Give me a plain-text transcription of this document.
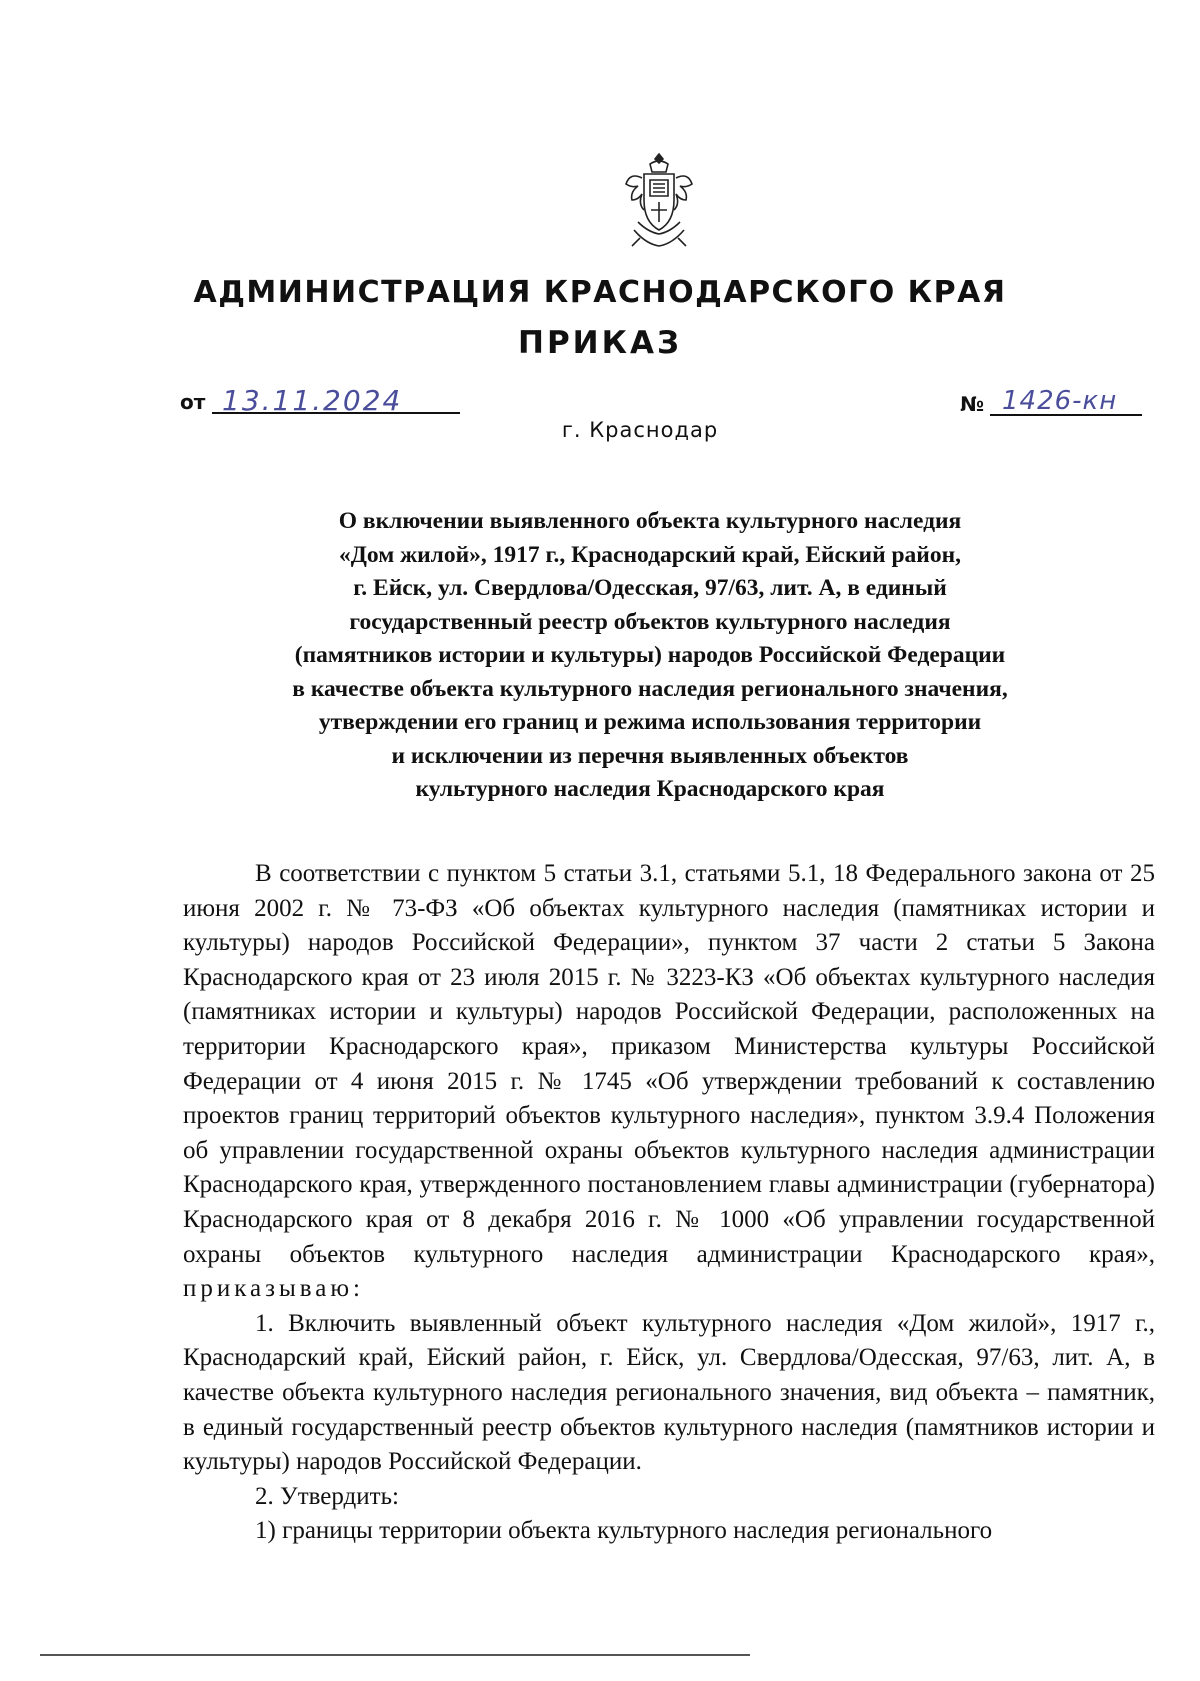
АДМИНИСТРАЦИЯ КРАСНОДАРСКОГО КРАЯ
ПРИКАЗ
от 13.11.2024	№ 1426-кн
г. Краснодар
О включении выявленного объекта культурного наследия
«Дом жилой», 1917 г., Краснодарский край, Ейский район,
г. Ейск, ул. Свердлова/Одесская, 97/63, лит. А, в единый
государственный реестр объектов культурного наследия
(памятников истории и культуры) народов Российской Федерации
в качестве объекта культурного наследия регионального значения,
утверждении его границ и режима использования территории
и исключении из перечня выявленных объектов
культурного наследия Краснодарского края

В соответствии с пунктом 5 статьи 3.1, статьями 5.1, 18 Федерального закона от 25 июня 2002 г. № 73-ФЗ «Об объектах культурного наследия (памятниках истории и культуры) народов Российской Федерации», пунктом 37 части 2 статьи 5 Закона Краснодарского края от 23 июля 2015 г. № 3223-КЗ «Об объектах культурного наследия (памятниках истории и культуры) народов Российской Федерации, расположенных на территории Краснодарского края», приказом Министерства культуры Российской Федерации от 4 июня 2015 г. № 1745 «Об утверждении требований к составлению проектов границ территорий объектов культурного наследия», пунктом 3.9.4 Положения об управлении государственной охраны объектов культурного наследия администрации Краснодарского края, утвержденного постановлением главы администрации (губернатора) Краснодарского края от 8 декабря 2016 г. № 1000 «Об управлении государственной охраны объектов культурного наследия администрации Краснодарского края», приказываю:

1. Включить выявленный объект культурного наследия «Дом жилой», 1917 г., Краснодарский край, Ейский район, г. Ейск, ул. Свердлова/Одесская, 97/63, лит. А, в качестве объекта культурного наследия регионального значения, вид объекта – памятник, в единый государственный реестр объектов культурного наследия (памятников истории и культуры) народов Российской Федерации.

2. Утвердить:

1) границы территории объекта культурного наследия регионального
